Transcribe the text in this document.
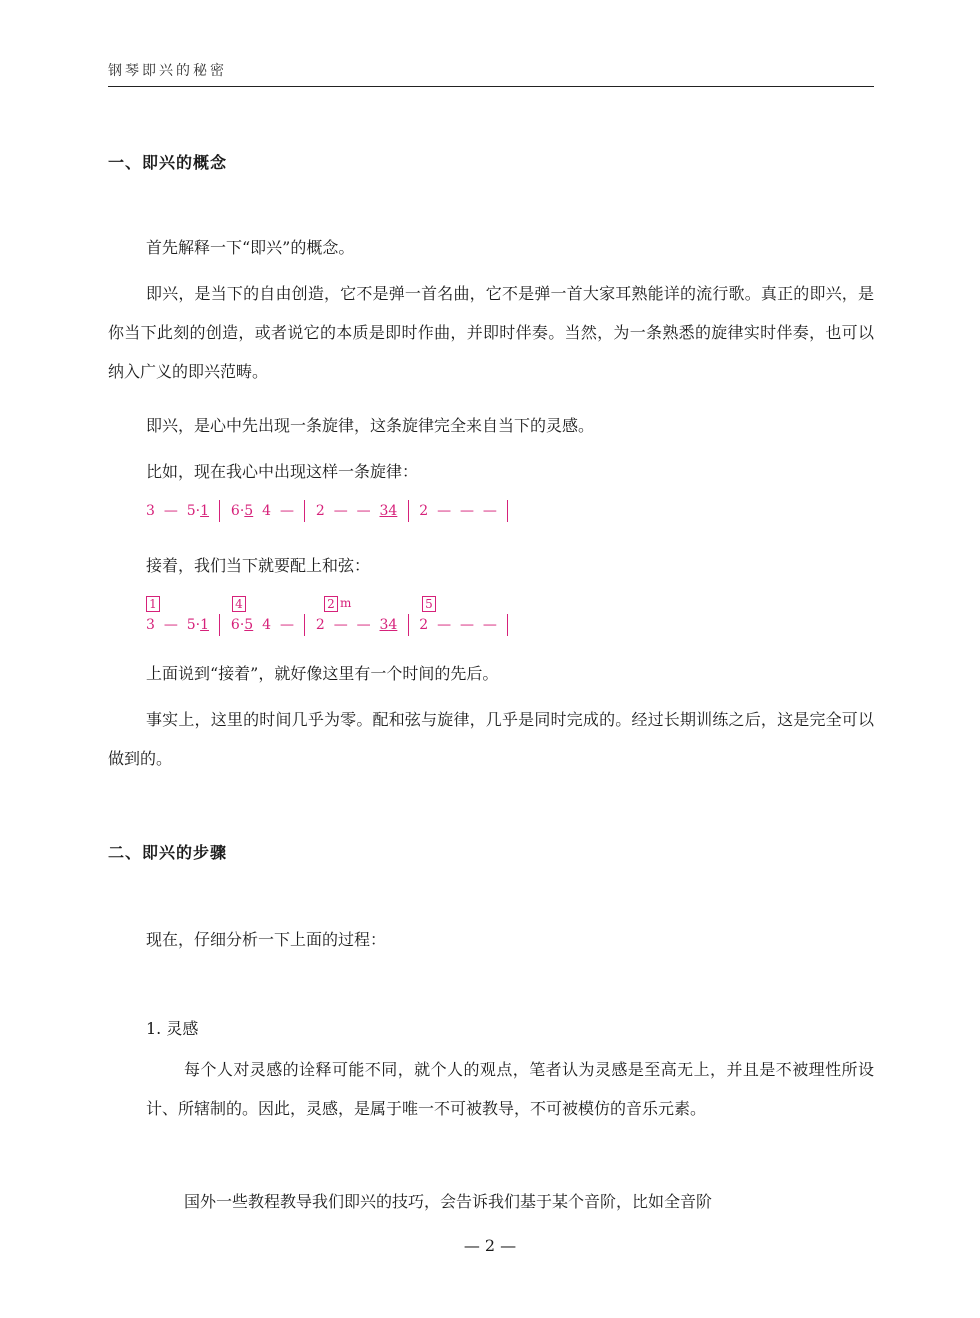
钢琴即兴的秘密
一、即兴的概念
首先解释一下“即兴”的概念。
即兴，是当下的自由创造，它不是弹一首名曲，它不是弹一首大家耳熟能详的流行歌。真正的即兴，是你当下此刻的创造，或者说它的本质是即时作曲，并即时伴奏。当然，为一条熟悉的旋律实时伴奏，也可以纳入广义的即兴范畴。
即兴，是心中先出现一条旋律，这条旋律完全来自当下的灵感。
比如，现在我心中出现这样一条旋律：
3 — 5·1 6·5 4 — 2 — — 34 2 — — —
接着，我们当下就要配上和弦：
1	4	2 m	5
3 — 5·1 6·5 4 — 2 — — 34 2 — — —
上面说到“接着”，就好像这里有一个时间的先后。
事实上，这里的时间几乎为零。配和弦与旋律，几乎是同时完成的。经过长期训练之后，这是完全可以做到的。
二、即兴的步骤
现在，仔细分析一下上面的过程：
1. 灵感
每个人对灵感的诠释可能不同，就个人的观点，笔者认为灵感是至高无上，并且是不被理性所设计、所辖制的。因此，灵感，是属于唯一不可被教导，不可被模仿的音乐元素。
国外一些教程教导我们即兴的技巧，会告诉我们基于某个音阶，比如全音阶
— 2 —
